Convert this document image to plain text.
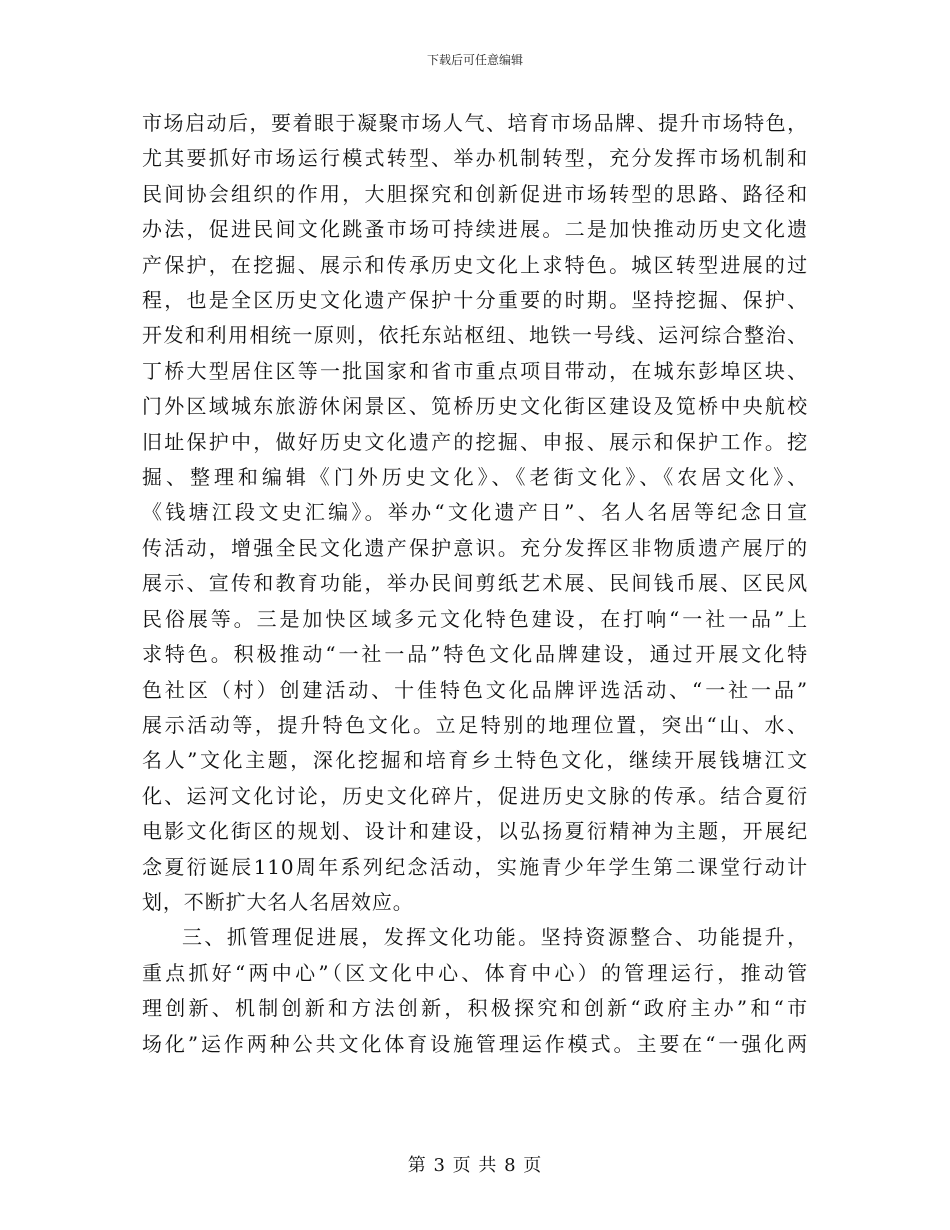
下载后可任意编辑

市场启动后，要着眼于凝聚市场人气、培育市场品牌、提升市场特色，
尤其要抓好市场运行模式转型、举办机制转型，充分发挥市场机制和
民间协会组织的作用，大胆探究和创新促进市场转型的思路、路径和
办法，促进民间文化跳蚤市场可持续进展。二是加快推动历史文化遗
产保护，在挖掘、展示和传承历史文化上求特色。城区转型进展的过
程，也是全区历史文化遗产保护十分重要的时期。坚持挖掘、保护、
开发和利用相统一原则，依托东站枢纽、地铁一号线、运河综合整治、
丁桥大型居住区等一批国家和省市重点项目带动，在城东彭埠区块、
门外区域城东旅游休闲景区、笕桥历史文化街区建设及笕桥中央航校
旧址保护中，做好历史文化遗产的挖掘、申报、展示和保护工作。挖
掘、整理和编辑《门外历史文化》、《老街文化》、《农居文化》、
《钱塘江段文史汇编》。举办“文化遗产日”、名人名居等纪念日宣
传活动，增强全民文化遗产保护意识。充分发挥区非物质遗产展厅的
展示、宣传和教育功能，举办民间剪纸艺术展、民间钱币展、区民风
民俗展等。三是加快区域多元文化特色建设，在打响“一社一品”上
求特色。积极推动“一社一品”特色文化品牌建设，通过开展文化特
色社区（村）创建活动、十佳特色文化品牌评选活动、“一社一品”
展示活动等，提升特色文化。立足特别的地理位置，突出“山、水、
名人”文化主题，深化挖掘和培育乡土特色文化，继续开展钱塘江文
化、运河文化讨论，历史文化碎片，促进历史文脉的传承。结合夏衍
电影文化街区的规划、设计和建设，以弘扬夏衍精神为主题，开展纪
念夏衍诞辰110周年系列纪念活动，实施青少年学生第二课堂行动计
划，不断扩大名人名居效应。

三、抓管理促进展，发挥文化功能。坚持资源整合、功能提升，
重点抓好“两中心”（区文化中心、体育中心）的管理运行，推动管
理创新、机制创新和方法创新，积极探究和创新“政府主办”和“市
场化”运作两种公共文化体育设施管理运作模式。主要在“一强化两

第 3 页 共 8 页
